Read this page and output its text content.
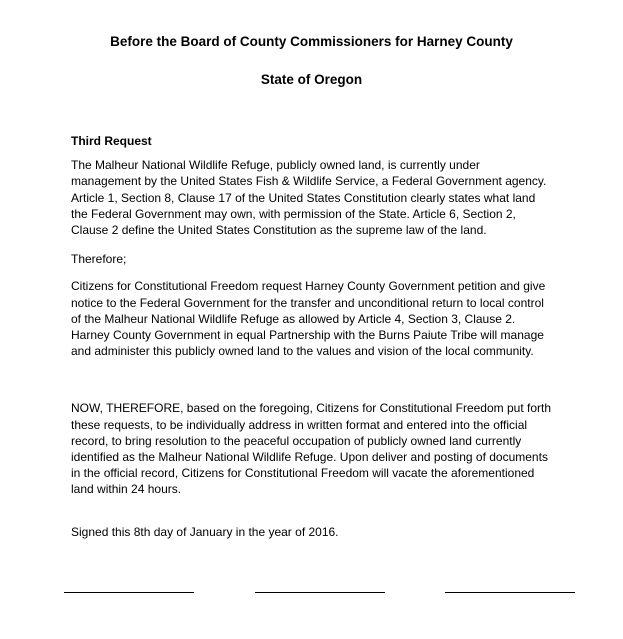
Before the Board of County Commissioners for Harney County

State of Oregon

Third Request

The Malheur National Wildlife Refuge, publicly owned land, is currently under management by the United States Fish & Wildlife Service, a Federal Government agency. Article 1, Section 8, Clause 17 of the United States Constitution clearly states what land the Federal Government may own, with permission of the State. Article 6, Section 2, Clause 2 define the United States Constitution as the supreme law of the land.

Therefore;

Citizens for Constitutional Freedom request Harney County Government petition and give notice to the Federal Government for the transfer and unconditional return to local control of the Malheur National Wildlife Refuge as allowed by Article 4, Section 3, Clause 2. Harney County Government in equal Partnership with the Burns Paiute Tribe will manage and administer this publicly owned land to the values and vision of the local community.

NOW, THEREFORE, based on the foregoing, Citizens for Constitutional Freedom put forth these requests, to be individually address in written format and entered into the official record, to bring resolution to the peaceful occupation of publicly owned land currently identified as the Malheur National Wildlife Refuge. Upon deliver and posting of documents in the official record, Citizens for Constitutional Freedom will vacate the aforementioned land within 24 hours.

Signed this 8th day of January in the year of 2016.
